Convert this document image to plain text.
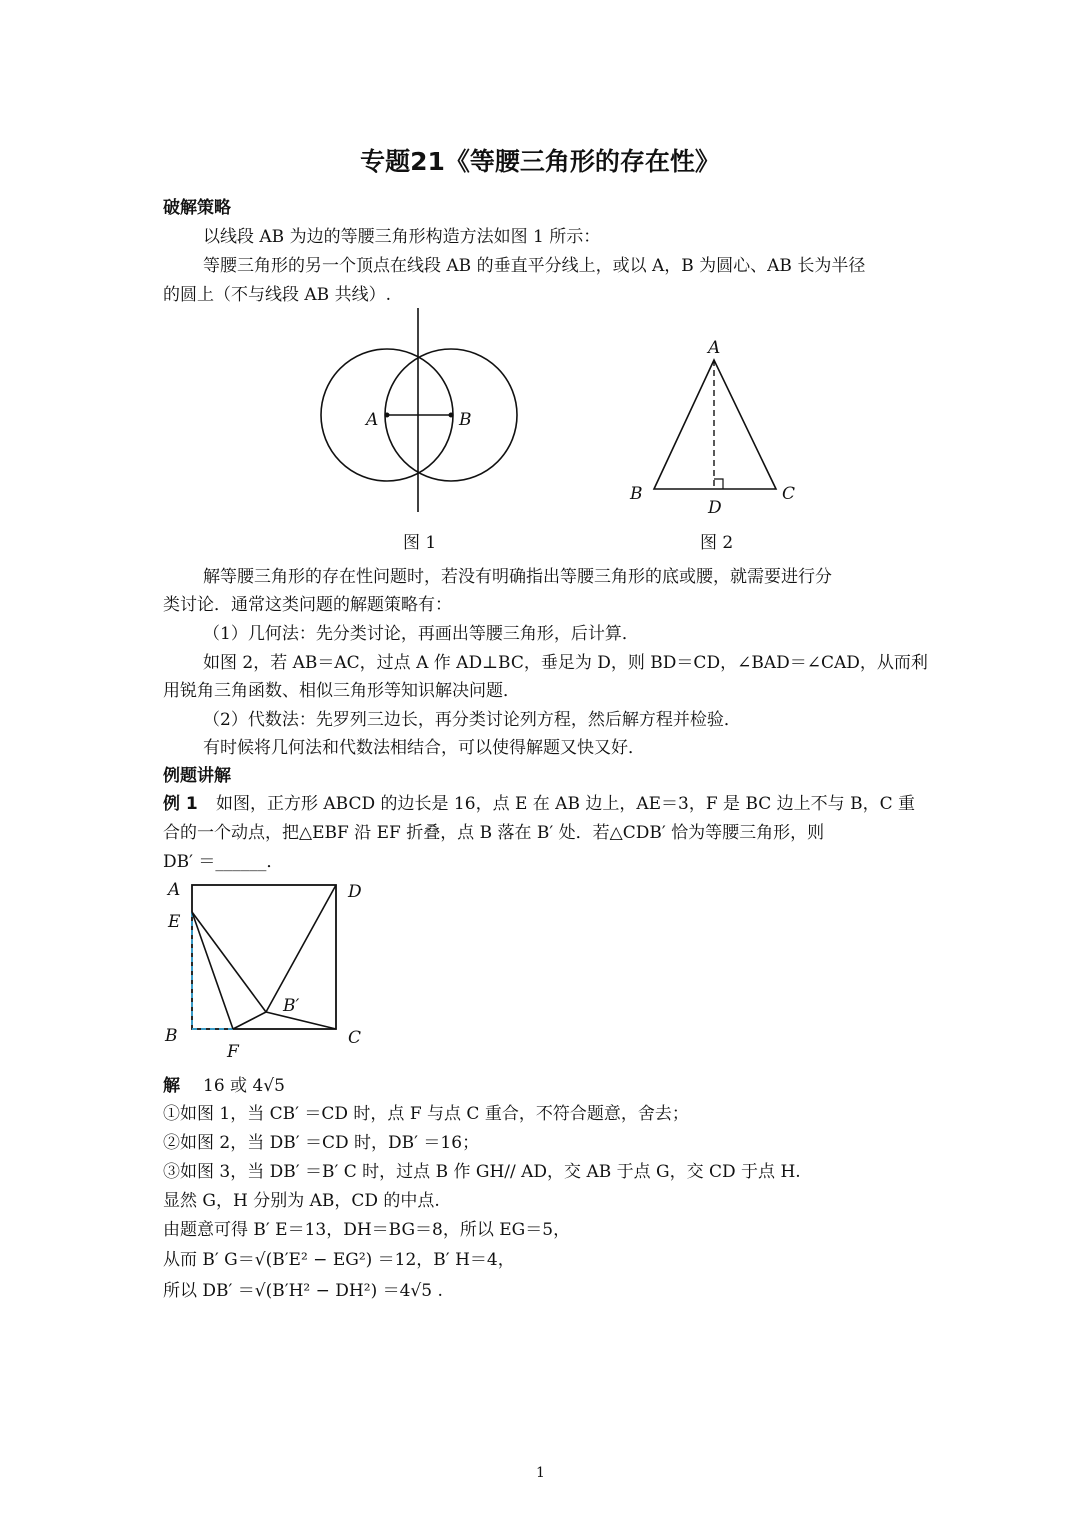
专题21《等腰三角形的存在性》
破解策略
以线段 AB 为边的等腰三角形构造方法如图 1 所示：
等腰三角形的另一个顶点在线段 AB 的垂直平分线上，或以 A，B 为圆心、AB 长为半径
的圆上（不与线段 AB 共线）.
A	B
图 1
A
B	C
D
图 2
解等腰三角形的存在性问题时，若没有明确指出等腰三角形的底或腰，就需要进行分
类讨论．通常这类问题的解题策略有：
（1）几何法：先分类讨论，再画出等腰三角形，后计算．
如图 2，若 AB＝AC，过点 A 作 AD⊥BC，垂足为 D，则 BD＝CD，∠BAD＝∠CAD，从而利
用锐角三角函数、相似三角形等知识解决问题．
（2）代数法：先罗列三边长，再分类讨论列方程，然后解方程并检验．
有时候将几何法和代数法相结合，可以使得解题又快又好．
例题讲解
例 1 如图，正方形 ABCD 的边长是 16，点 E 在 AB 边上，AE＝3，F 是 BC 边上不与 B，C 重
合的一个动点，把△EBF 沿 EF 折叠，点 B 落在 B′ 处．若△CDB′ 恰为等腰三角形，则
DB′ ＝______．
A	D
E
B′
B	C
F
解 16 或 4√5
①如图 1，当 CB′ ＝CD 时，点 F 与点 C 重合，不符合题意，舍去；
②如图 2，当 DB′ ＝CD 时，DB′ ＝16；
③如图 3，当 DB′ ＝B′ C 时，过点 B 作 GH// AD，交 AB 于点 G，交 CD 于点 H.
显然 G，H 分别为 AB，CD 的中点.
由题意可得 B′ E＝13，DH＝BG＝8，所以 EG＝5，
从而 B′ G＝√(B′E² − EG²) ＝12，B′ H＝4，
所以 DB′ ＝√(B′H² − DH²) ＝4√5 .
1
